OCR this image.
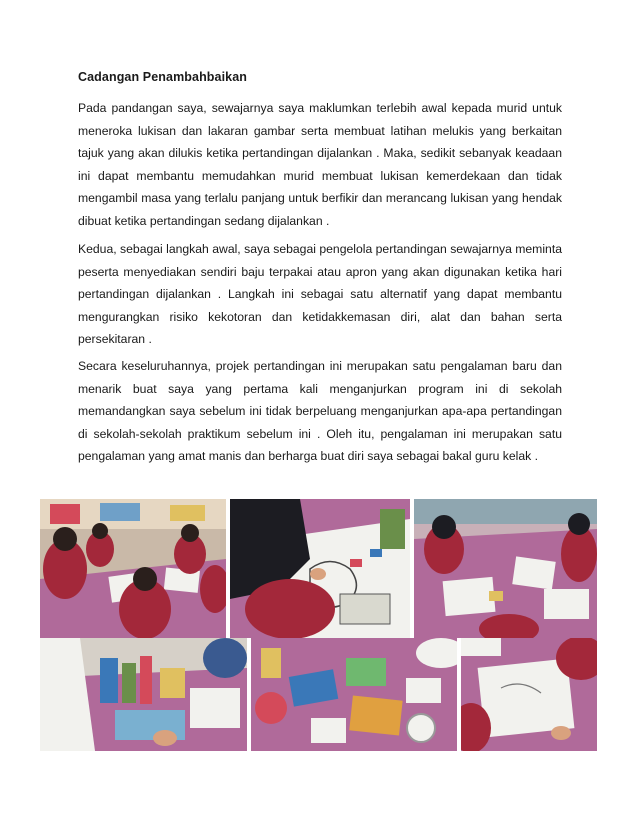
Cadangan Penambahbaikan

Pada pandangan saya, sewajarnya saya maklumkan terlebih awal kepada murid untuk meneroka lukisan dan lakaran gambar serta membuat latihan melukis yang berkaitan tajuk yang akan dilukis ketika pertandingan dijalankan . Maka, sedikit sebanyak keadaan ini dapat membantu memudahkan murid membuat lukisan kemerdekaan dan tidak mengambil masa yang terlalu panjang untuk berfikir dan merancang lukisan yang hendak dibuat ketika pertandingan sedang dijalankan .

Kedua, sebagai langkah awal, saya sebagai pengelola pertandingan sewajarnya meminta peserta menyediakan sendiri baju terpakai atau apron yang akan digunakan ketika hari pertandingan dijalankan . Langkah ini sebagai satu alternatif yang dapat membantu mengurangkan risiko kekotoran dan ketidakkemasan diri, alat dan bahan serta persekitaran .

Secara keseluruhannya, projek pertandingan ini merupakan satu pengalaman baru dan menarik buat saya yang pertama kali menganjurkan program ini di sekolah memandangkan saya sebelum ini tidak berpeluang menganjurkan apa-apa pertandingan di sekolah-sekolah praktikum sebelum ini . Oleh itu, pengalaman ini merupakan satu pengalaman yang amat manis dan berharga buat diri saya sebagai bakal guru kelak .
